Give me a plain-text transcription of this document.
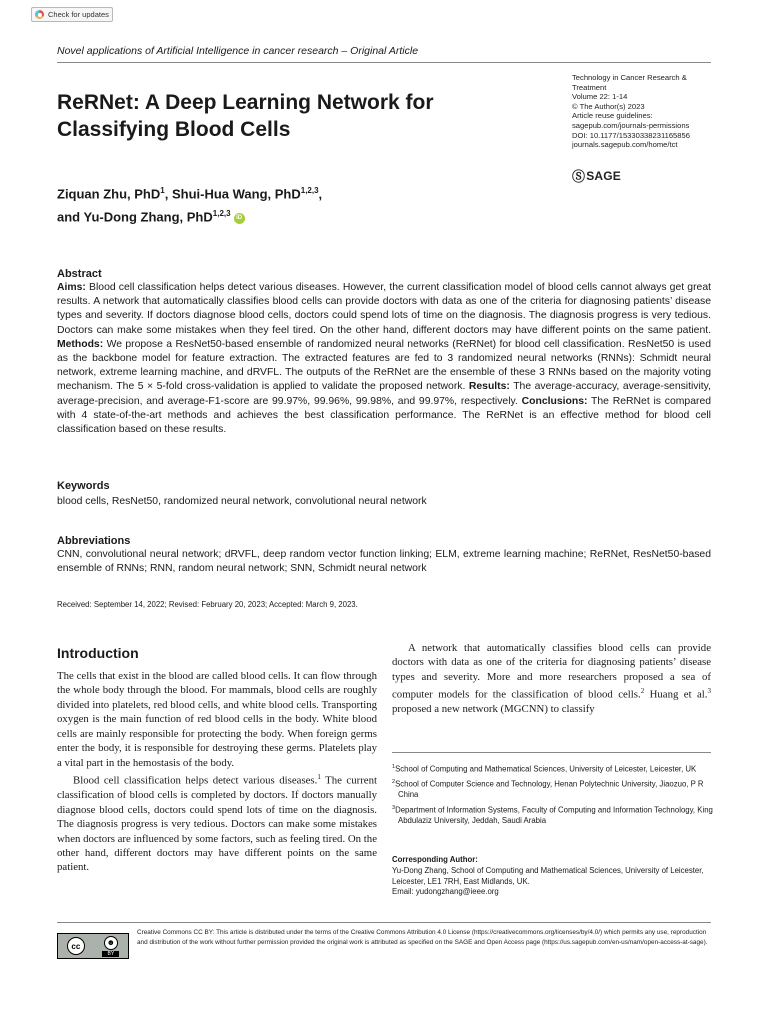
Check for updates
Novel applications of Artificial Intelligence in cancer research – Original Article
ReRNet: A Deep Learning Network for Classifying Blood Cells
Technology in Cancer Research &
Treatment
Volume 22: 1-14
© The Author(s) 2023
Article reuse guidelines:
sagepub.com/journals-permissions
DOI: 10.1177/15330338231165856
journals.sagepub.com/home/tct
Ⓢ SAGE
Ziquan Zhu, PhD$^1$, Shui-Hua Wang, PhD$^{1,2,3}$,
and Yu-Dong Zhang, PhD$^{1,2,3}$ iD
Abstract
Aims: Blood cell classification helps detect various diseases. However, the current classification model of blood cells cannot always get great results. A network that automatically classifies blood cells can provide doctors with data as one of the criteria for diagnosing patients’ disease types and severity. If doctors diagnose blood cells, doctors could spend lots of time on the diagnosis. The diagnosis progress is very tedious. Doctors can make some mistakes when they feel tired. On the other hand, different doctors may have different points on the same patient. Methods: We propose a ResNet50-based ensemble of randomized neural networks (ReRNet) for blood cell classification. ResNet50 is used as the backbone model for feature extraction. The extracted features are fed to 3 randomized neural networks (RNNs): Schmidt neural network, extreme learning machine, and dRVFL. The outputs of the ReRNet are the ensemble of these 3 RNNs based on the majority voting mechanism. The 5 × 5-fold cross-validation is applied to validate the proposed network. Results: The average-accuracy, average-sensitivity, average-precision, and average-F1-score are 99.97%, 99.96%, 99.98%, and 99.97%, respectively. Conclusions: The ReRNet is compared with 4 state-of-the-art methods and achieves the best classification performance. The ReRNet is an effective method for blood cell classification based on these results.
Keywords
blood cells, ResNet50, randomized neural network, convolutional neural network
Abbreviations
CNN, convolutional neural network; dRVFL, deep random vector function linking; ELM, extreme learning machine; ReRNet, ResNet50-based ensemble of RNNs; RNN, random neural network; SNN, Schmidt neural network
Received: September 14, 2022; Revised: February 20, 2023; Accepted: March 9, 2023.
Introduction

The cells that exist in the blood are called blood cells. It can flow through the whole body through the blood. For mammals, blood cells are roughly divided into platelets, red blood cells, and white blood cells. Transporting oxygen is the main function of red blood cells in the body. White blood cells are mainly responsible for protecting the body. When foreign germs enter the body, it is responsible for destroying these germs. Platelets play a vital part in the hemostasis of the body.

Blood cell classification helps detect various diseases.$^1$ The current classification of blood cells is completed by doctors. If doctors manually diagnose blood cells, doctors could spend lots of time on the diagnosis. The diagnosis progress is very tedious. Doctors can make some mistakes when doctors are influenced by some factors, such as feeling tired. On the other hand, different doctors may have different points on the same patient.

A network that automatically classifies blood cells can provide doctors with data as one of the criteria for diagnosing patients’ disease types and severity. More and more researchers proposed a sea of computer models for the classification of blood cells.$^2$ Huang et al.$^3$ proposed a new network (MGCNN) to classify

$^1$School of Computing and Mathematical Sciences, University of Leicester, Leicester, UK
$^2$School of Computer Science and Technology, Henan Polytechnic University, Jiaozuo, P R China
$^3$Department of Information Systems, Faculty of Computing and Information Technology, King Abdulaziz University, Jeddah, Saudi Arabia
Corresponding Author:
Yu-Dong Zhang, School of Computing and Mathematical Sciences, University of Leicester, Leicester, LE1 7RH, East Midlands, UK.
Email: yudongzhang@ieee.org
cc	☻
BY
Creative Commons CC BY: This article is distributed under the terms of the Creative Commons Attribution 4.0 License (https://creativecommons.org/licenses/by/4.0/) which permits any use, reproduction and distribution of the work without further permission provided the original work is attributed as specified on the SAGE and Open Access page (https://us.sagepub.com/en-us/nam/open-access-at-sage).
